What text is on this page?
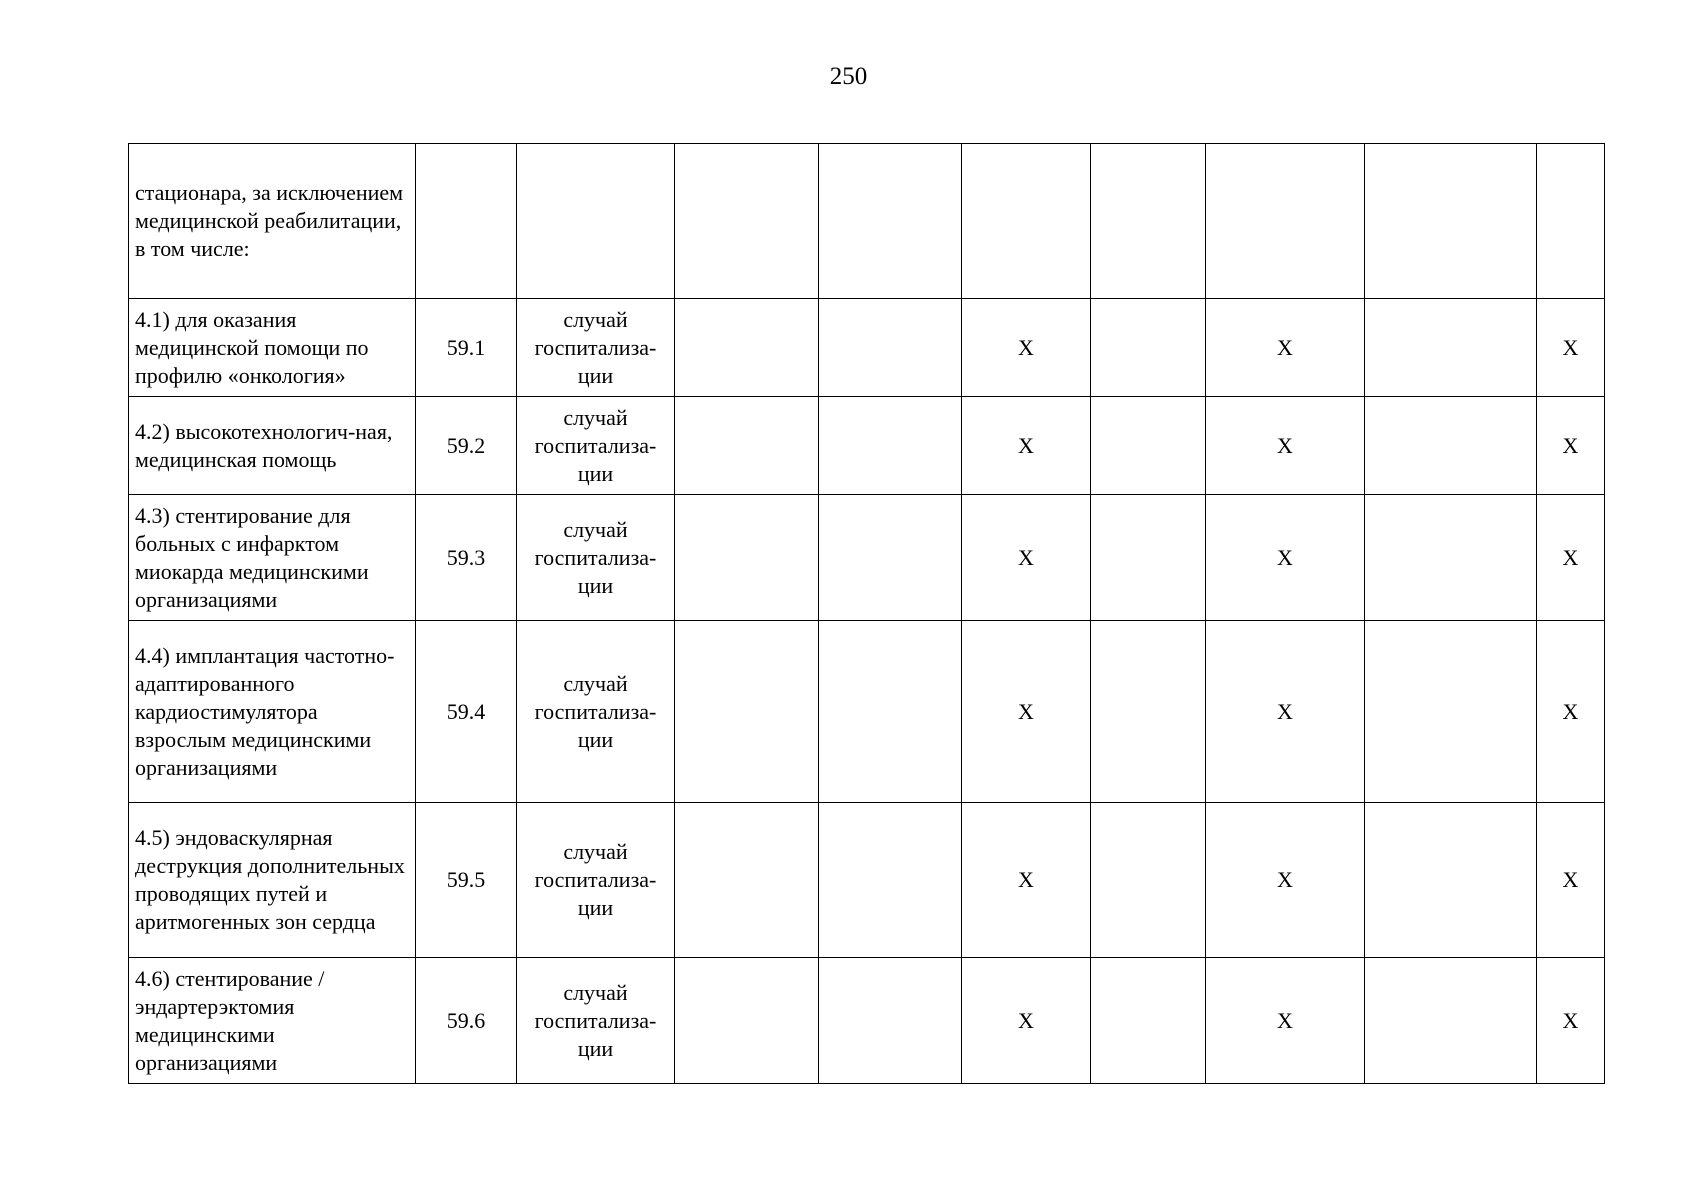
250
стационара, за исключением медицинской реабилитации, в том числе:									
4.1) для оказания медицинской помощи по профилю «онкология»	59.1	случай госпитализа-ции			X		X		X
4.2) высокотехнологич-ная, медицинская помощь	59.2	случай госпитализа-ции			X		X		X
4.3) стентирование для больных с инфарктом миокарда медицинскими организациями	59.3	случай госпитализа-ции			X		X		X
4.4) имплантация частотно-адаптированного кардиостимулятора взрослым медицинскими организациями	59.4	случай госпитализа-ции			X		X		X
4.5) эндоваскулярная деструкция дополнительных проводящих путей и аритмогенных зон сердца	59.5	случай госпитализа-ции			X		X		X
4.6) стентирование / эндартерэктомия медицинскими организациями	59.6	случай госпитализа-ции			X		X		X
